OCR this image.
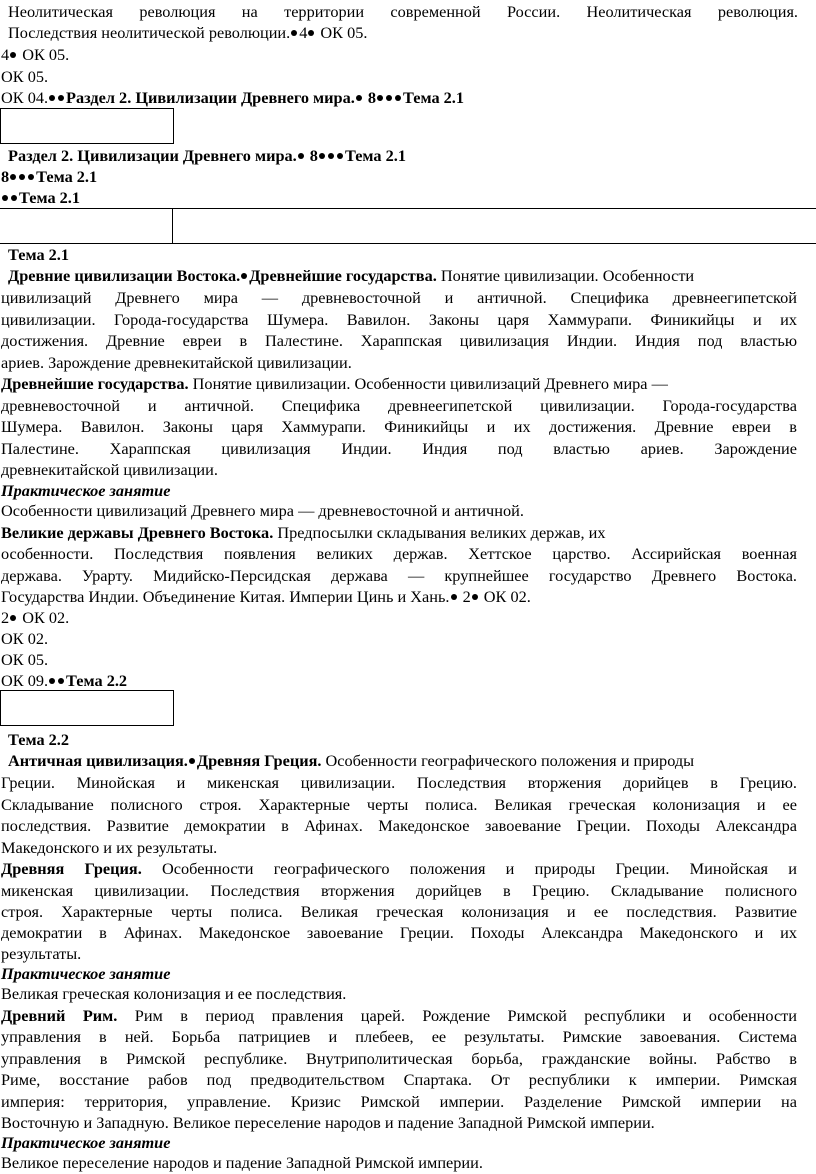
Неолитическая революция на территории современной России. Неолитическая революция.
Последствия неолитической революции. 4 ОК 05.
4 ОК 05.
ОК 05.
ОК 04. Раздел 2. Цивилизации Древнего мира. 8 Тема 2.1
Раздел 2. Цивилизации Древнего мира. 8 Тема 2.1
8 Тема 2.1
Тема 2.1
Тема 2.1
Древние цивилизации Востока. Древнейшие государства. Понятие цивилизации. Особенности
цивилизаций Древнего мира — древневосточной и античной. Специфика древнеегипетской
цивилизации. Города-государства Шумера. Вавилон. Законы царя Хаммурапи. Финикийцы и их
достижения. Древние евреи в Палестине. Хараппская цивилизация Индии. Индия под властью
ариев. Зарождение древнекитайской цивилизации.
Древнейшие государства. Понятие цивилизации. Особенности цивилизаций Древнего мира —
древневосточной и античной. Специфика древнеегипетской цивилизации. Города-государства
Шумера. Вавилон. Законы царя Хаммурапи. Финикийцы и их достижения. Древние евреи в
Палестине. Хараппская цивилизация Индии. Индия под властью ариев. Зарождение
древнекитайской цивилизации.
Практическое занятие
Особенности цивилизаций Древнего мира — древневосточной и античной.
Великие державы Древнего Востока. Предпосылки складывания великих держав, их
особенности. Последствия появления великих держав. Хеттское царство. Ассирийская военная
держава. Урарту. Мидийско-Персидская держава — крупнейшее государство Древнего Востока.
Государства Индии. Объединение Китая. Империи Цинь и Хань. 2 ОК 02.
2 ОК 02.
ОК 02.
ОК 05.
ОК 09. Тема 2.2
Тема 2.2
Античная цивилизация. Древняя Греция. Особенности географического положения и природы
Греции. Минойская и микенская цивилизации. Последствия вторжения дорийцев в Грецию.
Складывание полисного строя. Характерные черты полиса. Великая греческая колонизация и ее
последствия. Развитие демократии в Афинах. Македонское завоевание Греции. Походы Александра
Македонского и их результаты.
Древняя Греция. Особенности географического положения и природы Греции. Минойская и
микенская цивилизации. Последствия вторжения дорийцев в Грецию. Складывание полисного
строя. Характерные черты полиса. Великая греческая колонизация и ее последствия. Развитие
демократии в Афинах. Македонское завоевание Греции. Походы Александра Македонского и их
результаты.
Практическое занятие
Великая греческая колонизация и ее последствия.
Древний Рим. Рим в период правления царей. Рождение Римской республики и особенности
управления в ней. Борьба патрициев и плебеев, ее результаты. Римские завоевания. Система
управления в Римской республике. Внутриполитическая борьба, гражданские войны. Рабство в
Риме, восстание рабов под предводительством Спартака. От республики к империи. Римская
империя: территория, управление. Кризис Римской империи. Разделение Римской империи на
Восточную и Западную. Великое переселение народов и падение Западной Римской империи.
Практическое занятие
Великое переселение народов и падение Западной Римской империи.
